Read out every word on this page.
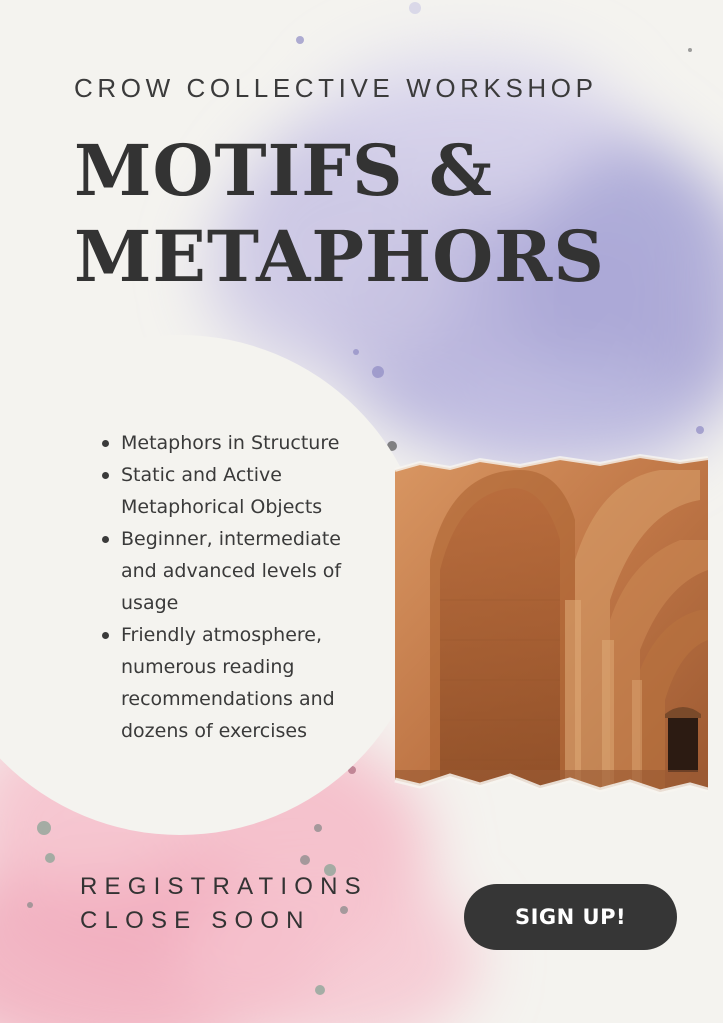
CROW COLLECTIVE WORKSHOP
MOTIFS &
METAPHORS
Metaphors in Structure
Static and Active Metaphorical Objects
Beginner, intermediate and advanced levels of usage
Friendly atmosphere, numerous reading recommendations and dozens of exercises

REGISTRATIONS
CLOSE SOON	SIGN UP!
